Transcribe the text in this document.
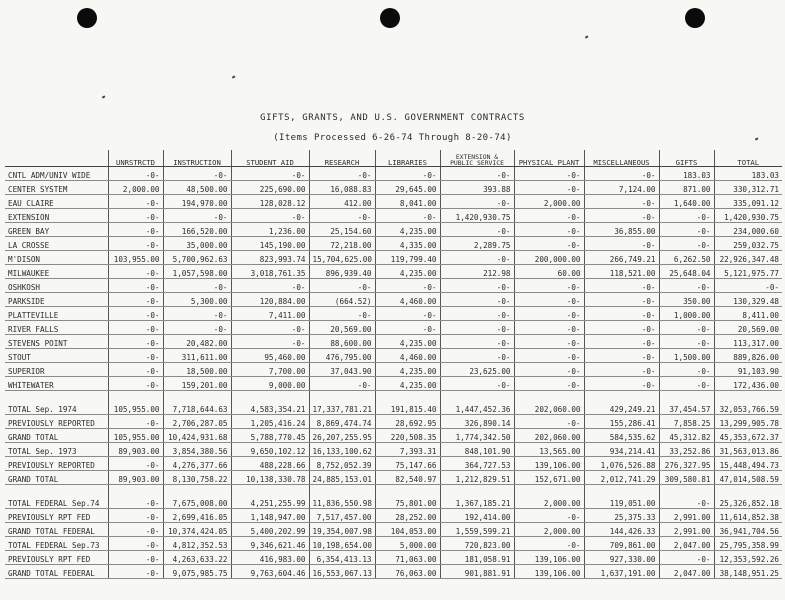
GIFTS, GRANTS, AND U.S. GOVERNMENT CONTRACTS
(Items Processed 6-26-74 Through 8-20-74)
	UNRSTRCTD	INSTRUCTION	STUDENT AID	RESEARCH	LIBRARIES	EXTENSION & PUBLIC SERVICE	PHYSICAL PLANT	MISCELLANEOUS	GIFTS	TOTAL
CNTL ADM/UNIV WIDE	-0-	-0-	-0-	-0-	-0-	-0-	-0-	-0-	183.03	183.03
CENTER SYSTEM	2,000.00	48,500.00	225,690.00	16,088.83	29,645.00	393.88	-0-	7,124.00	871.00	330,312.71
EAU CLAIRE	-0-	194,970.00	128,028.12	412.00	8,041.00	-0-	2,000.00	-0-	1,640.00	335,091.12
EXTENSION	-0-	-0-	-0-	-0-	-0-	1,420,930.75	-0-	-0-	-0-	1,420,930.75
GREEN BAY	-0-	166,520.00	1,236.00	25,154.60	4,235.00	-0-	-0-	36,855.00	-0-	234,000.60
LA CROSSE	-0-	35,000.00	145,190.00	72,218.00	4,335.00	2,289.75	-0-	-0-	-0-	259,032.75
M'DISON	103,955.00	5,700,962.63	823,993.74	15,704,625.00	119,799.40	-0-	200,000.00	266,749.21	6,262.50	22,926,347.48
MILWAUKEE	-0-	1,057,598.00	3,018,761.35	896,939.40	4,235.00	212.98	60.00	118,521.00	25,648.04	5,121,975.77
OSHKOSH	-0-	-0-	-0-	-0-	-0-	-0-	-0-	-0-	-0-	-0-
PARKSIDE	-0-	5,300.00	120,884.00	(664.52)	4,460.00	-0-	-0-	-0-	350.00	130,329.48
PLATTEVILLE	-0-	-0-	7,411.00	-0-	-0-	-0-	-0-	-0-	1,000.00	8,411.00
RIVER FALLS	-0-	-0-	-0-	20,569.00	-0-	-0-	-0-	-0-	-0-	20,569.00
STEVENS POINT	-0-	20,482.00	-0-	88,600.00	4,235.00	-0-	-0-	-0-	-0-	113,317.00
STOUT	-0-	311,611.00	95,460.00	476,795.00	4,460.00	-0-	-0-	-0-	1,500.00	889,826.00
SUPERIOR	-0-	18,500.00	7,700.00	37,043.90	4,235.00	23,625.00	-0-	-0-	-0-	91,103.90
WHITEWATER	-0-	159,201.00	9,000.00	-0-	4,235.00	-0-	-0-	-0-	-0-	172,436.00

TOTAL Sep. 1974	105,955.00	7,718,644.63	4,583,354.21	17,337,781.21	191,815.40	1,447,452.36	202,060.00	429,249.21	37,454.57	32,053,766.59
PREVIOUSLY REPORTED	-0-	2,706,287.05	1,205,416.24	8,869,474.74	28,692.95	326,890.14	-0-	155,286.41	7,858.25	13,299,905.78
GRAND TOTAL	105,955.00	10,424,931.68	5,788,770.45	26,207,255.95	220,508.35	1,774,342.50	202,060.00	584,535.62	45,312.82	45,353,672.37
TOTAL Sep. 1973	89,903.00	3,854,380.56	9,650,102.12	16,133,100.62	7,393.31	848,101.90	13,565.00	934,214.41	33,252.86	31,563,013.86
PREVIOUSLY REPORTED	-0-	4,276,377.66	488,228.66	8,752,052.39	75,147.66	364,727.53	139,106.00	1,076,526.88	276,327.95	15,448,494.73
GRAND TOTAL	89,903.00	8,130,758.22	10,138,330.78	24,885,153.01	82,540.97	1,212,829.51	152,671.00	2,012,741.29	309,580.81	47,014,508.59

TOTAL FEDERAL Sep.74	-0-	7,675,008.00	4,251,255.99	11,836,550.98	75,801.00	1,367,185.21	2,000.00	119,051.00	-0-	25,326,852.18
PREVIOUSLY RPT FED	-0-	2,699,416.05	1,148,947.00	7,517,457.00	28,252.00	192,414.00	-0-	25,375.33	2,991.00	11,614,852.38
GRAND TOTAL FEDERAL	-0-	10,374,424.05	5,400,202.99	19,354,007.98	104,053.00	1,559,599.21	2,000.00	144,426.33	2,991.00	36,941,704.56
TOTAL FEDERAL Sep.73	-0-	4,812,352.53	9,346,621.46	10,198,654.00	5,000.00	720,823.00	-0-	709,861.00	2,047.00	25,795,358.99
PREVIOUSLY RPT FED	-0-	4,263,633.22	416,983.00	6,354,413.13	71,063.00	181,058.91	139,106.00	927,330.00	-0-	12,353,592.26
GRAND TOTAL FEDERAL	-0-	9,075,985.75	9,763,604.46	16,553,067.13	76,063.00	901,881.91	139,106.00	1,637,191.00	2,047.00	38,148,951.25
